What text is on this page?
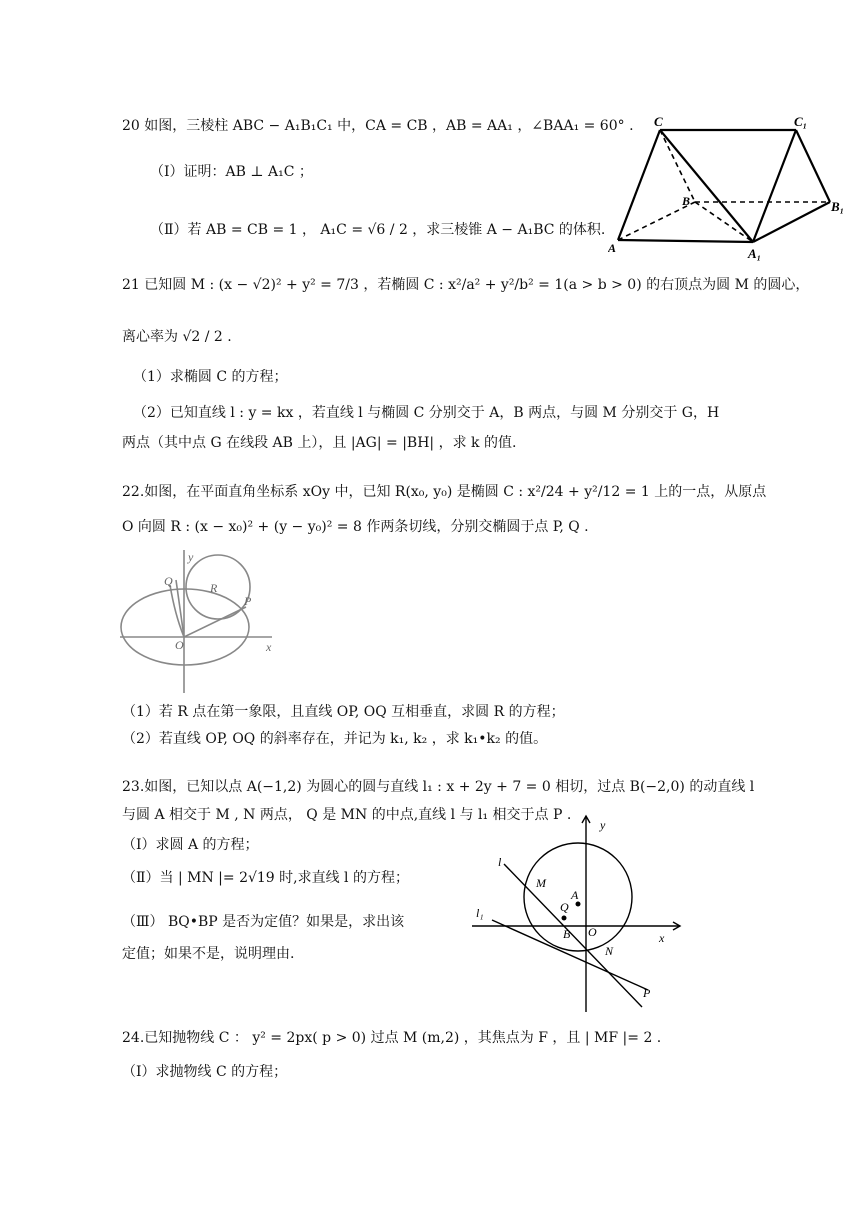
20 如图，三棱柱 ABC − A₁B₁C₁ 中，CA = CB ，AB = AA₁ ，∠BAA₁ = 60° .
（Ⅰ）证明：AB ⊥ A₁C ；
（Ⅱ）若 AB = CB = 1 ， A₁C = √6 / 2 ，求三棱锥 A − A₁BC 的体积.
C	C₁
B	B₁
A	A₁
21 已知圆 M : (x − √2)² + y² = 7/3 ，若椭圆 C : x²/a² + y²/b² = 1(a > b > 0) 的右顶点为圆 M 的圆心，
离心率为 √2 / 2 .
（1）求椭圆 C 的方程；
（2）已知直线 l : y = kx ，若直线 l 与椭圆 C 分别交于 A，B 两点，与圆 M 分别交于 G，H
两点（其中点 G 在线段 AB 上），且 |AG| = |BH| ，求 k 的值.
22.如图，在平面直角坐标系 xOy 中，已知 R(x₀, y₀) 是椭圆 C : x²/24 + y²/12 = 1 上的一点，从原点
O 向圆 R : (x − x₀)² + (y − y₀)² = 8 作两条切线，分别交椭圆于点 P, Q .
y
x
O
Q	R
P
（1）若 R 点在第一象限，且直线 OP, OQ 互相垂直，求圆 R 的方程；
（2）若直线 OP, OQ 的斜率存在，并记为 k₁, k₂ ，求 k₁•k₂ 的值。
23.如图，已知以点 A(−1,2) 为圆心的圆与直线 l₁ : x + 2y + 7 = 0 相切，过点 B(−2,0) 的动直线 l
与圆 A 相交于 M , N 两点， Q 是 MN 的中点,直线 l 与 l₁ 相交于点 P .
（Ⅰ）求圆 A 的方程；
（Ⅱ）当 | MN |= 2√19 时,求直线 l 的方程；
（Ⅲ） BQ•BP 是否为定值？如果是，求出该
定值；如果不是，说明理由.
y
x
l
l₁
M
A
Q
B O
N
P
24.已知抛物线 C ： y² = 2px( p > 0) 过点 M (m,2) ，其焦点为 F ，且 | MF |= 2 .
（Ⅰ）求抛物线 C 的方程；
